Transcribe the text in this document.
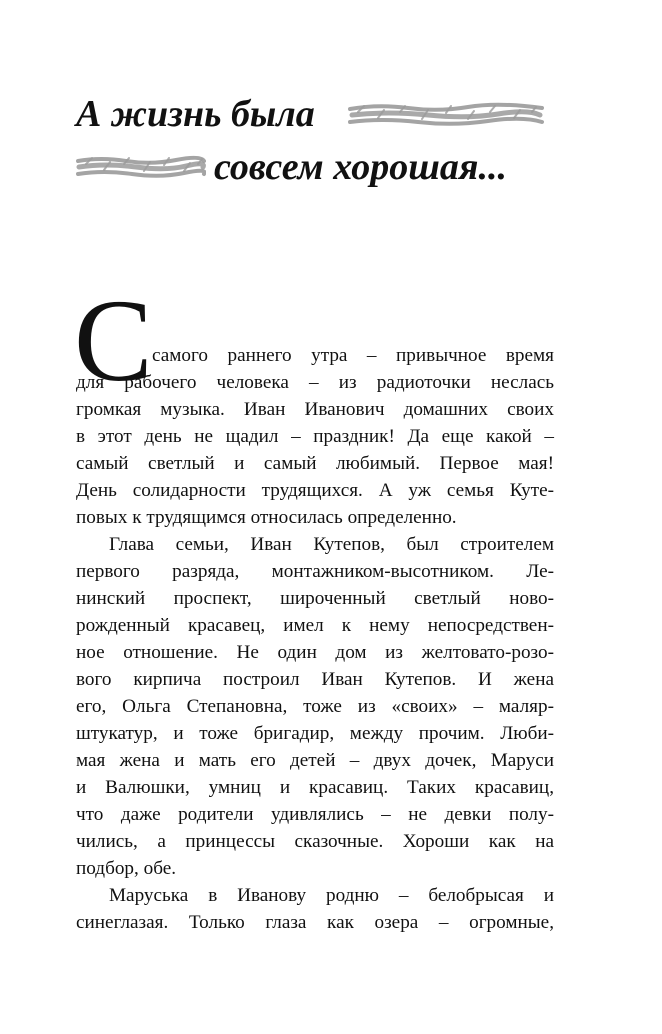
А жизнь была
совсем хорошая...
С самого раннего утра – привычное время
для рабочего человека – из радиоточки неслась
громкая музыка. Иван Иванович домашних своих
в этот день не щадил – праздник! Да еще какой –
самый светлый и самый любимый. Первое мая!
День солидарности трудящихся. А уж семья Куте-
повых к трудящимся относилась определенно.
Глава семьи, Иван Кутепов, был строителем
первого разряда, монтажником-высотником. Ле-
нинский проспект, широченный светлый ново-
рожденный красавец, имел к нему непосредствен-
ное отношение. Не один дом из желтовато-розо-
вого кирпича построил Иван Кутепов. И жена
его, Ольга Степановна, тоже из «своих» – маляр-
штукатур, и тоже бригадир, между прочим. Люби-
мая жена и мать его детей – двух дочек, Маруси
и Валюшки, умниц и красавиц. Таких красавиц,
что даже родители удивлялись – не девки полу-
чились, а принцессы сказочные. Хороши как на
подбор, обе.
Маруська в Иванову родню – белобрысая и
синеглазая. Только глаза как озера – огромные,
